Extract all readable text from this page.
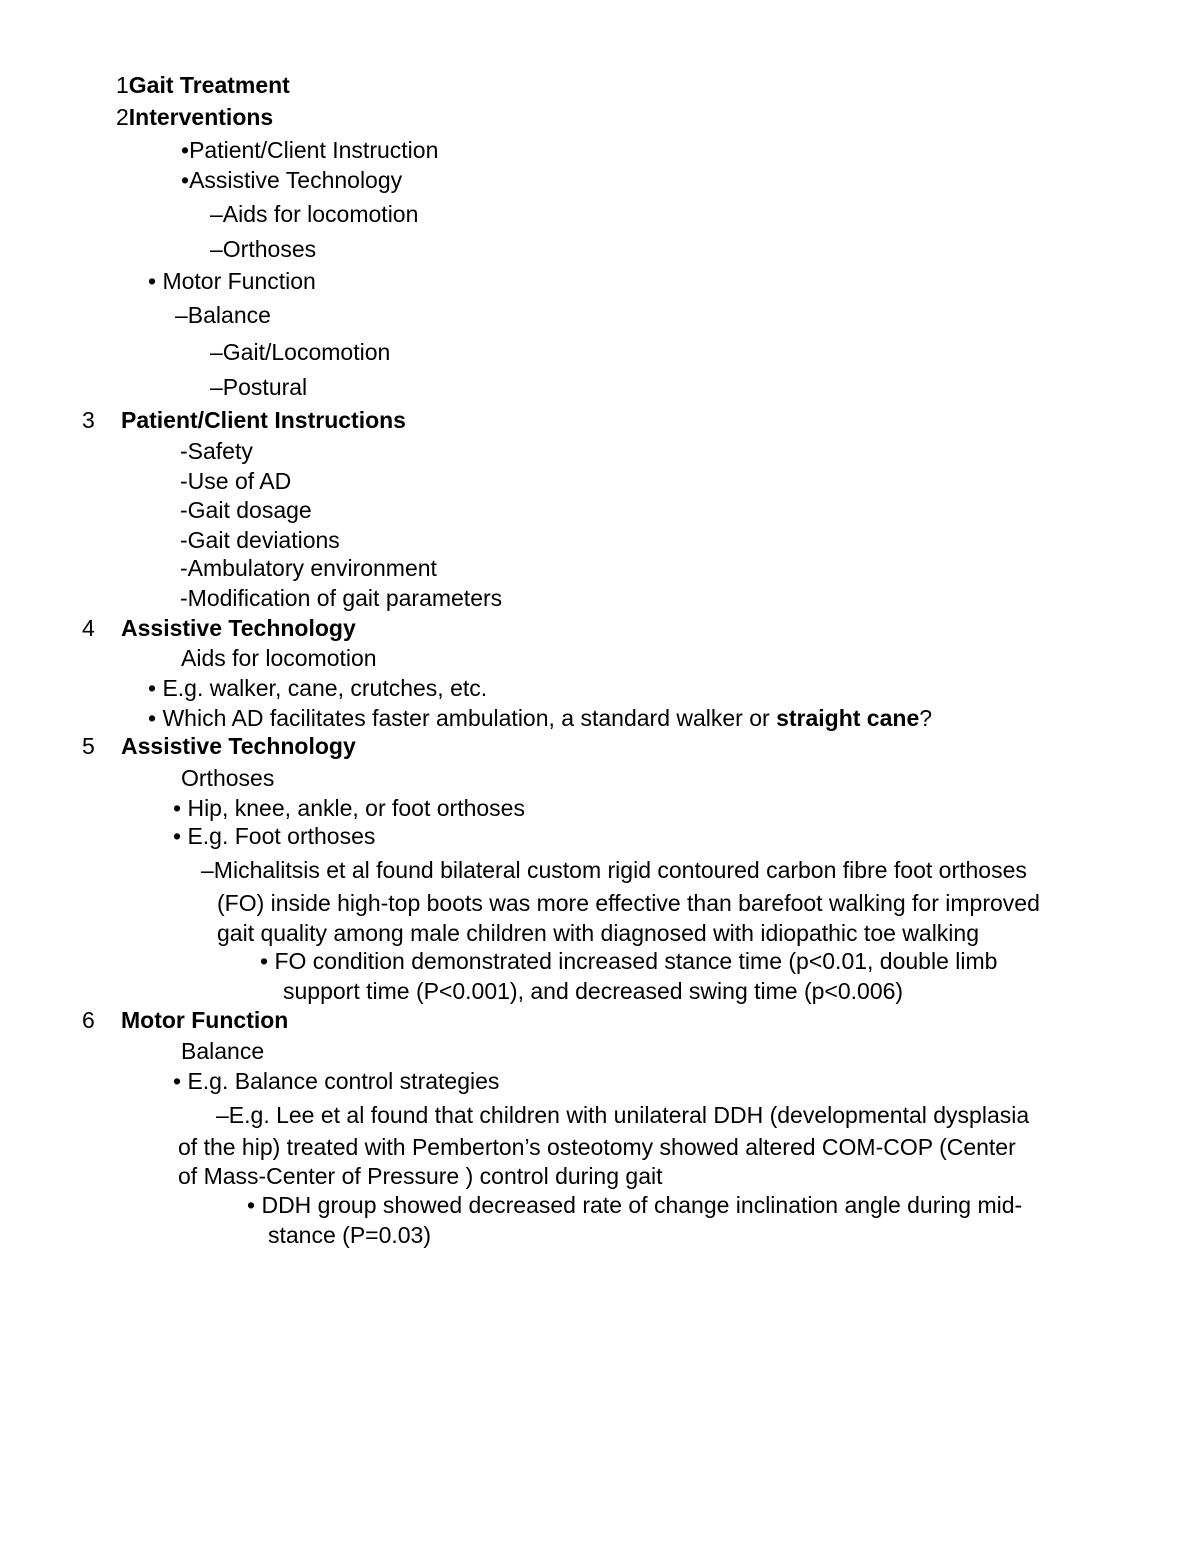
1Gait Treatment
2Interventions
•Patient/Client Instruction
•Assistive Technology
–Aids for locomotion
–Orthoses
• Motor Function
–Balance
–Gait/Locomotion
–Postural
3 Patient/Client Instructions
-Safety
-Use of AD
-Gait dosage
-Gait deviations
-Ambulatory environment
-Modification of gait parameters
4 Assistive Technology
Aids for locomotion
• E.g. walker, cane, crutches, etc.
• Which AD facilitates faster ambulation, a standard walker or straight cane?
5 Assistive Technology
Orthoses
• Hip, knee, ankle, or foot orthoses
• E.g. Foot orthoses
–Michalitsis et al found bilateral custom rigid contoured carbon fibre foot orthoses
(FO) inside high-top boots was more effective than barefoot walking for improved
gait quality among male children with diagnosed with idiopathic toe walking
• FO condition demonstrated increased stance time (p<0.01, double limb
support time (P<0.001), and decreased swing time (p<0.006)
6 Motor Function
Balance
• E.g. Balance control strategies
–E.g. Lee et al found that children with unilateral DDH (developmental dysplasia
of the hip) treated with Pemberton’s osteotomy showed altered COM-COP (Center
of Mass-Center of Pressure ) control during gait
• DDH group showed decreased rate of change inclination angle during mid-
stance (P=0.03)
